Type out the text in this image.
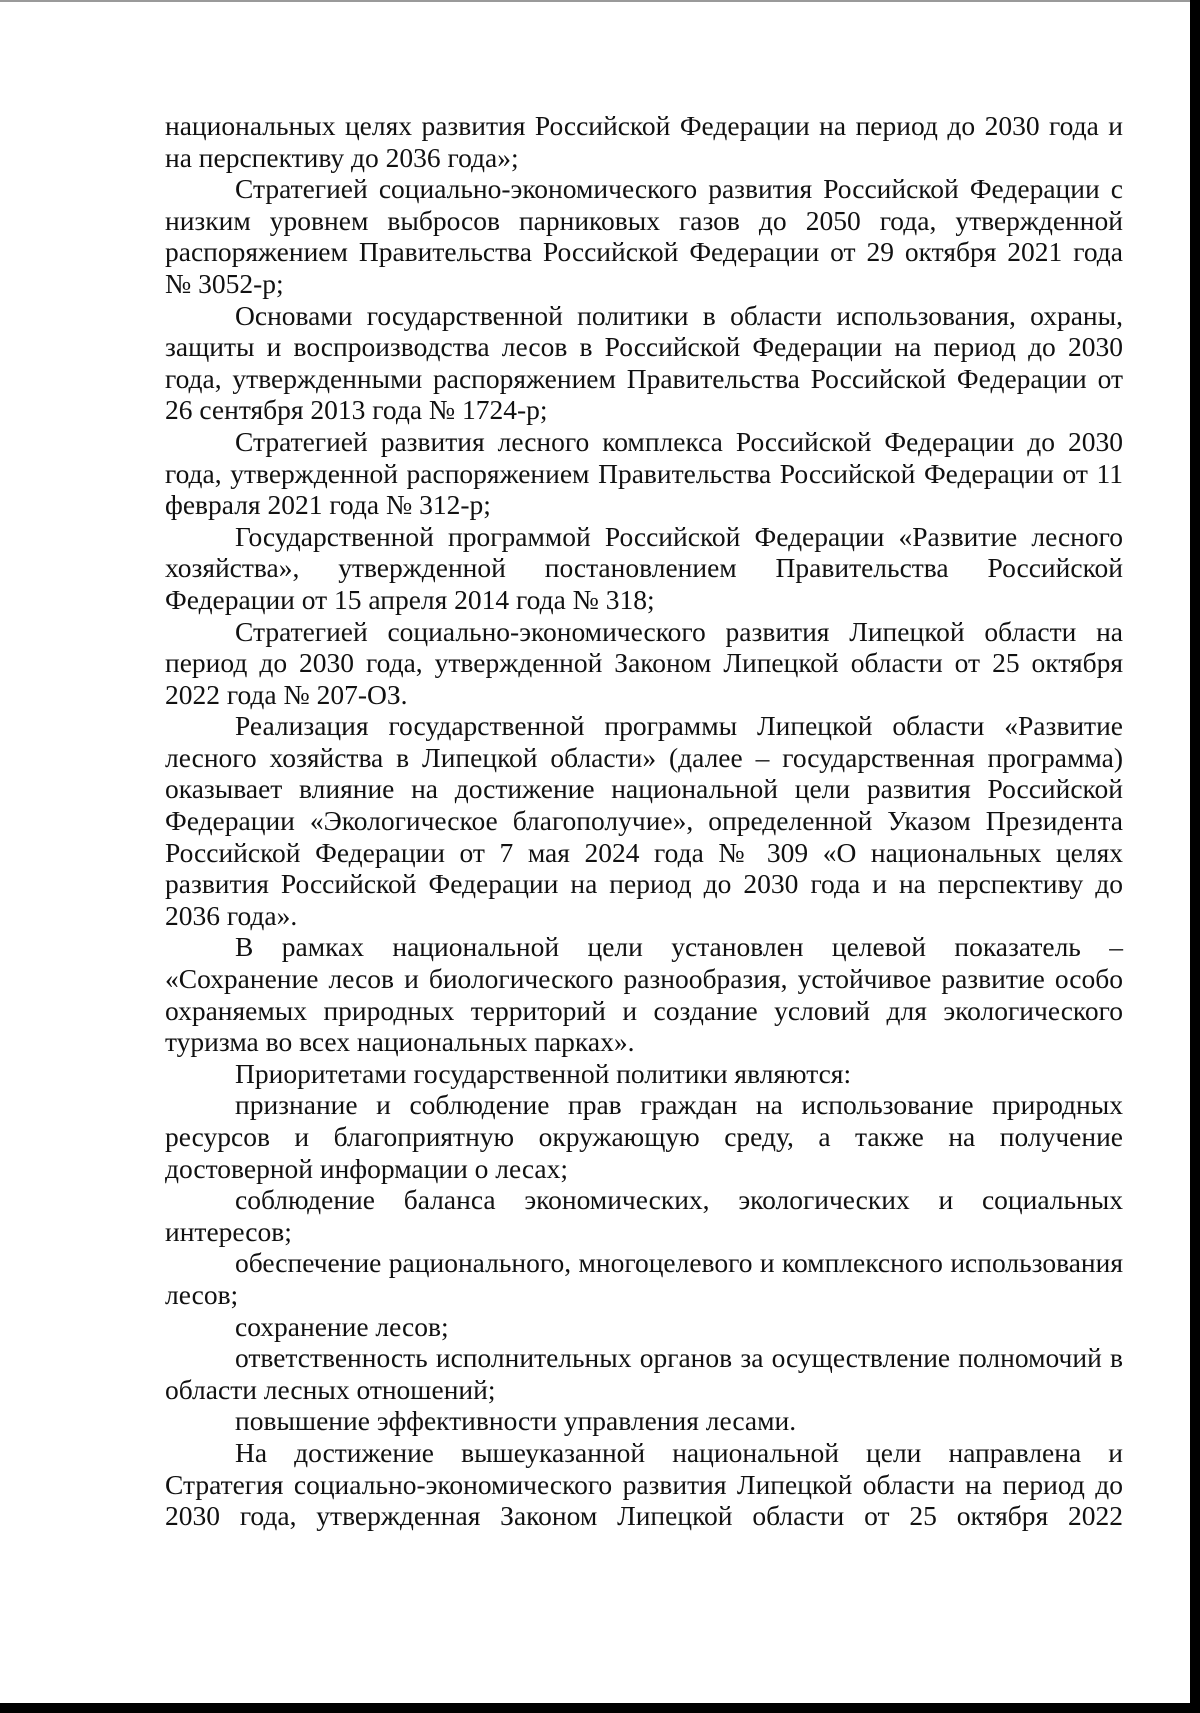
национальных целях развития Российской Федерации на период до 2030 года и на перспективу до 2036 года»;

Стратегией социально-экономического развития Российской Федерации с низким уровнем выбросов парниковых газов до 2050 года, утвержденной распоряжением Правительства Российской Федерации от 29 октября 2021 года № 3052-р;

Основами государственной политики в области использования, охраны, защиты и воспроизводства лесов в Российской Федерации на период до 2030 года, утвержденными распоряжением Правительства Российской Федерации от 26 сентября 2013 года № 1724-р;

Стратегией развития лесного комплекса Российской Федерации до 2030 года, утвержденной распоряжением Правительства Российской Федерации от 11 февраля 2021 года № 312-р;

Государственной программой Российской Федерации «Развитие лесного хозяйства», утвержденной постановлением Правительства Российской Федерации от 15 апреля 2014 года № 318;

Стратегией социально-экономического развития Липецкой области на период до 2030 года, утвержденной Законом Липецкой области от 25 октября 2022 года № 207-ОЗ.

Реализация государственной программы Липецкой области «Развитие лесного хозяйства в Липецкой области» (далее – государственная программа) оказывает влияние на достижение национальной цели развития Российской Федерации «Экологическое благополучие», определенной Указом Президента Российской Федерации от 7 мая 2024 года № 309 «О национальных целях развития Российской Федерации на период до 2030 года и на перспективу до 2036 года».

В рамках национальной цели установлен целевой показатель – «Сохранение лесов и биологического разнообразия, устойчивое развитие особо охраняемых природных территорий и создание условий для экологического туризма во всех национальных парках».

Приоритетами государственной политики являются:

признание и соблюдение прав граждан на использование природных ресурсов и благоприятную окружающую среду, а также на получение достоверной информации о лесах;

соблюдение баланса экономических, экологических и социальных интересов;

обеспечение рационального, многоцелевого и комплексного использования лесов;

сохранение лесов;

ответственность исполнительных органов за осуществление полномочий в области лесных отношений;

повышение эффективности управления лесами.

На достижение вышеуказанной национальной цели направлена и Стратегия социально-экономического развития Липецкой области на период до 2030 года, утвержденная Законом Липецкой области от 25 октября 2022
